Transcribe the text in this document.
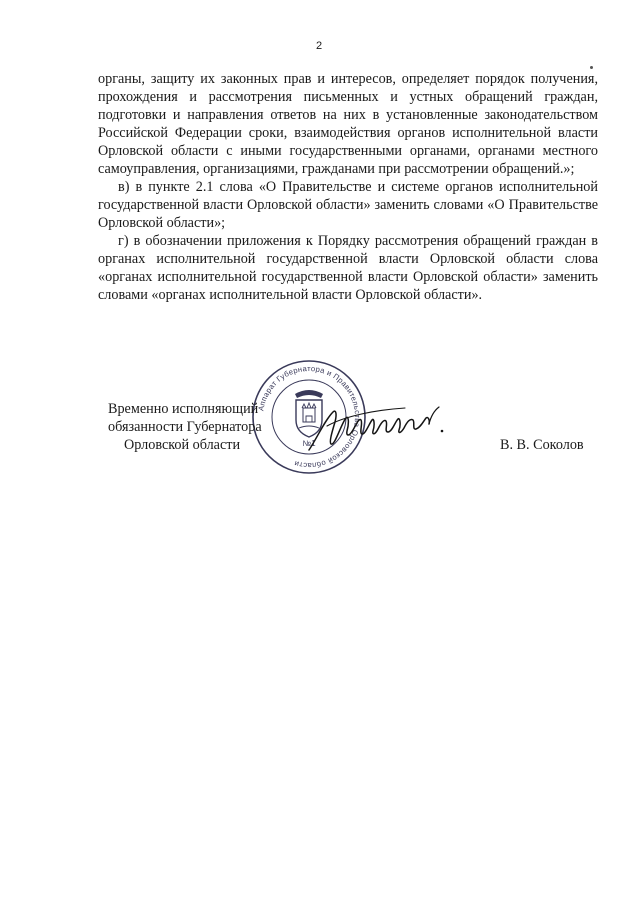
2

органы, защиту их законных прав и интересов, определяет порядок получения, прохождения и рассмотрения письменных и устных обращений граждан, подготовки и направления ответов на них в установленные законодательством Российской Федерации сроки, взаимодействия органов исполнительной власти Орловской области с иными государственными органами, органами местного самоуправления, организациями, гражданами при рассмотрении обращений.»;

в) в пункте 2.1 слова «О Правительстве и системе органов исполнительной государственной власти Орловской области» заменить словами «О Правительстве Орловской области»;

г) в обозначении приложения к Порядку рассмотрения обращений граждан в органах исполнительной государственной власти Орловской области слова «органах исполнительной государственной власти Орловской области» заменить словами «органах исполнительной власти Орловской области».

Аппарат Губернатора и Правительства Орловской области
№1
Временно исполняющий
обязанности Губернатора
Орловской области	В. В. Соколов
